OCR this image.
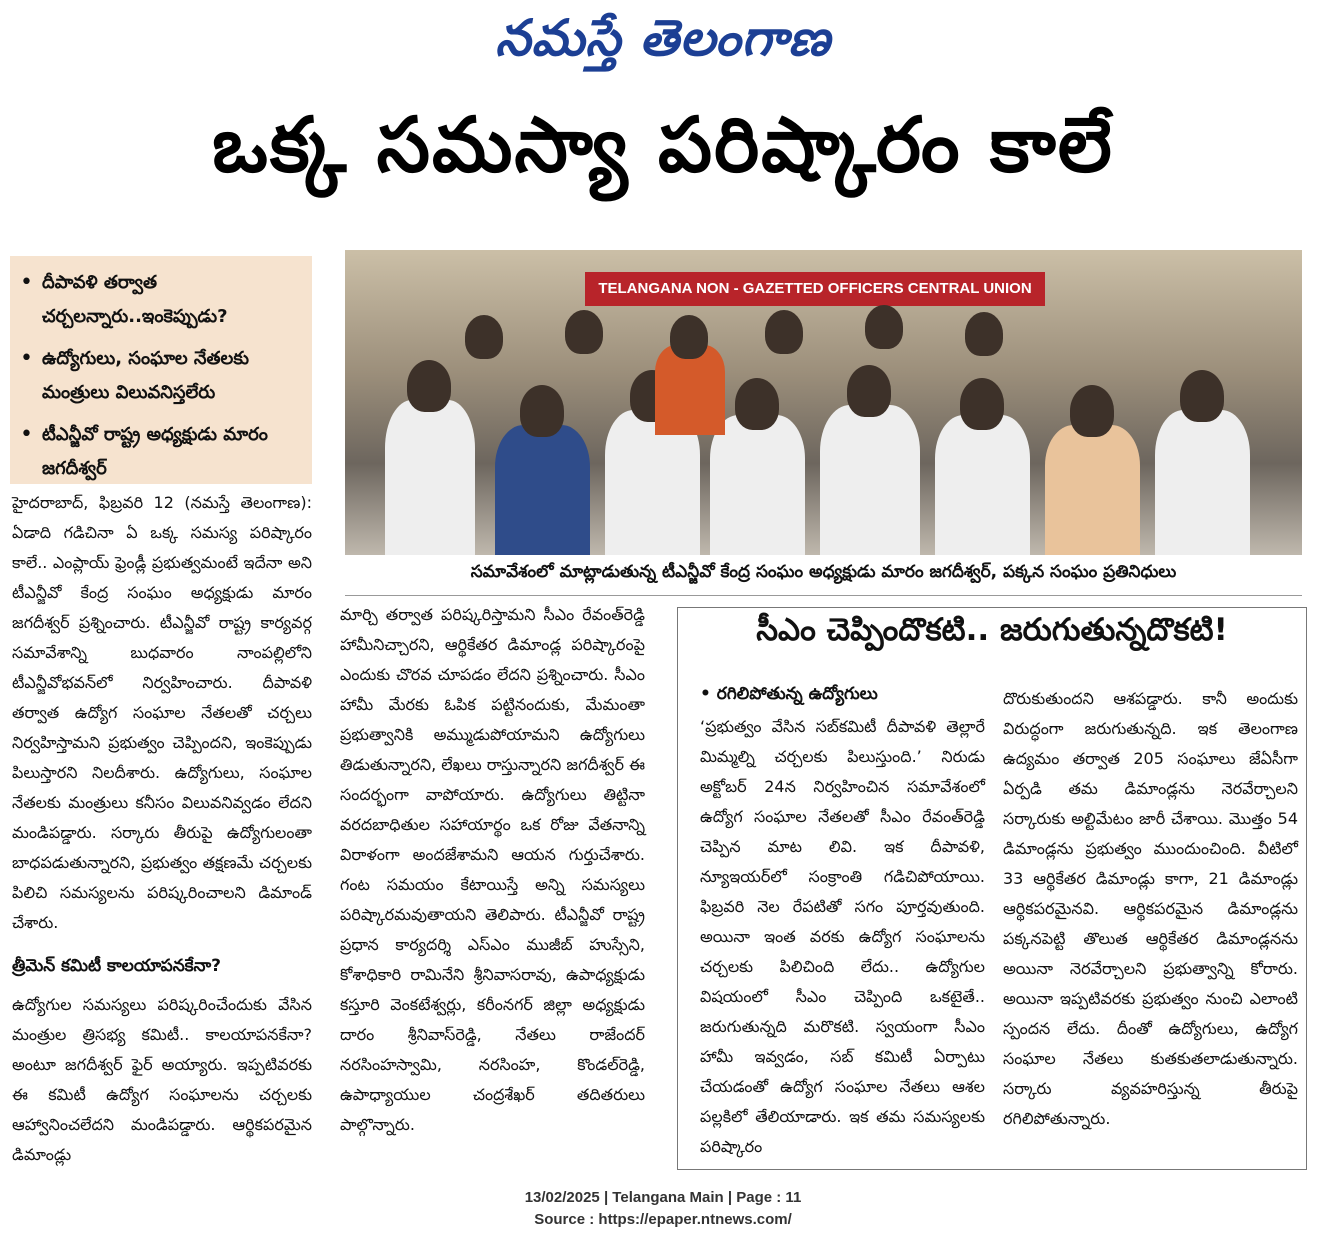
నమస్తే తెలంగాణ
ఒక్క సమస్యా పరిష్కారం కాలే
• దీపావళి తర్వాత చర్చలన్నారు..ఇంకెప్పుడు?
• ఉద్యోగులు, సంఘాల నేతలకు మంత్రులు విలువనిస్తలేరు
• టీఎన్జీవో రాష్ట్ర అధ్యక్షుడు మారం జగదీశ్వర్
TELANGANA NON - GAZETTED OFFICERS CENTRAL UNION
సమావేశంలో మాట్లాడుతున్న టీఎన్జీవో కేంద్ర సంఘం అధ్యక్షుడు మారం జగదీశ్వర్, పక్కన సంఘం ప్రతినిధులు

హైదరాబాద్, ఫిబ్రవరి 12 (నమస్తే తెలంగాణ): ఏడాది గడిచినా ఏ ఒక్క సమస్య పరిష్కారం కాలే.. ఎంప్లాయ్ ఫ్రెండ్లీ ప్రభుత్వమంటే ఇదేనా అని టీఎన్జీవో కేంద్ర సంఘం అధ్యక్షుడు మారం జగదీశ్వర్ ప్రశ్నించారు. టీఎన్జీవో రాష్ట్ర కార్యవర్గ సమావేశాన్ని బుధవారం నాంపల్లిలోని టీఎన్జీవోభవన్‌లో నిర్వహించారు. దీపావళి తర్వాత ఉద్యోగ సంఘాల నేతలతో చర్చలు నిర్వహిస్తామని ప్రభుత్వం చెప్పిందని, ఇంకెప్పుడు పిలుస్తారని నిలదీశారు. ఉద్యోగులు, సంఘాల నేతలకు మంత్రులు కనీసం విలువనివ్వడం లేదని మండిపడ్డారు. సర్కారు తీరుపై ఉద్యోగులంతా బాధపడుతున్నారని, ప్రభుత్వం తక్షణమే చర్చలకు పిలిచి సమస్యలను పరిష్కరించాలని డిమాండ్ చేశారు.

త్రీమెన్ కమిటీ కాలయాపనకేనా?

ఉద్యోగుల సమస్యలు పరిష్కరించేందుకు వేసిన మంత్రుల త్రిసభ్య కమిటీ.. కాలయాపనకేనా? అంటూ జగదీశ్వర్ ఫైర్ అయ్యారు. ఇప్పటివరకు ఈ కమిటీ ఉద్యోగ సంఘాలను చర్చలకు ఆహ్వానించలేదని మండిపడ్డారు. ఆర్థికపరమైన డిమాండ్లు

మార్చి తర్వాత పరిష్కరిస్తామని సీఎం రేవంత్‌రెడ్డి హామీనిచ్చారని, ఆర్థికేతర డిమాండ్ల పరిష్కారంపై ఎందుకు చొరవ చూపడం లేదని ప్రశ్నించారు. సీఎం హామీ మేరకు ఓపిక పట్టినందుకు, మేమంతా ప్రభుత్వానికి అమ్ముడుపోయామని ఉద్యోగులు తిడుతున్నారని, లేఖలు రాస్తున్నారని జగదీశ్వర్ ఈ సందర్భంగా వాపోయారు. ఉద్యోగులు తిట్టినా వరదబాధితుల సహాయార్థం ఒక రోజు వేతనాన్ని విరాళంగా అందజేశామని ఆయన గుర్తుచేశారు. గంట సమయం కేటాయిస్తే అన్ని సమస్యలు పరిష్కారమవుతాయని తెలిపారు. టీఎన్జీవో రాష్ట్ర ప్రధాన కార్యదర్శి ఎస్ఎం ముజీబ్ హుస్సేని, కోశాధికారి రామినేని శ్రీనివాసరావు, ఉపాధ్యక్షుడు కస్తూరి వెంకటేశ్వర్లు, కరీంనగర్ జిల్లా అధ్యక్షుడు దారం శ్రీనివాస్‌రెడ్డి, నేతలు రాజేందర్ నరసింహస్వామి, నరసింహ, కొండల్‌రెడ్డి, ఉపాధ్యాయుల చంద్రశేఖర్ తదితరులు పాల్గొన్నారు.

సీఎం చెప్పిందొకటి.. జరుగుతున్నదొకటి!
• రగిలిపోతున్న ఉద్యోగులు

‘ప్రభుత్వం వేసిన సబ్‌కమిటీ దీపావళి తెల్లారే మిమ్మల్ని చర్చలకు పిలుస్తుంది.’ నిరుడు అక్టోబర్ 24న నిర్వహించిన సమావేశంలో ఉద్యోగ సంఘాల నేతలతో సీఎం రేవంత్‌రెడ్డి చెప్పిన మాట లివి. ఇక దీపావళి, న్యూఇయర్‌లో సంక్రాంతి గడిచిపోయాయి. ఫిబ్రవరి నెల రేపటితో సగం పూర్తవుతుంది. అయినా ఇంత వరకు ఉద్యోగ సంఘాలను చర్చలకు పిలిచింది లేదు.. ఉద్యోగుల విషయంలో సీఎం చెప్పింది ఒకటైతే.. జరుగుతున్నది మరొకటి. స్వయంగా సీఎం హామీ ఇవ్వడం, సబ్ కమిటీ ఏర్పాటు చేయడంతో ఉద్యోగ సంఘాల నేతలు ఆశల పల్లకిలో తేలియాడారు. ఇక తమ సమస్యలకు పరిష్కారం

దొరుకుతుందని ఆశపడ్డారు. కానీ అందుకు విరుద్ధంగా జరుగుతున్నది. ఇక తెలంగాణ ఉద్యమం తర్వాత 205 సంఘాలు జేఏసీగా ఏర్పడి తమ డిమాండ్లను నెరవేర్చాలని సర్కారుకు అల్టిమేటం జారీ చేశాయి. మొత్తం 54 డిమాండ్లను ప్రభుత్వం ముందుంచింది. వీటిలో 33 ఆర్థికేతర డిమాండ్లు కాగా, 21 డిమాండ్లు ఆర్థికపరమైనవి. ఆర్థికపరమైన డిమాండ్లను పక్కనపెట్టి తొలుత ఆర్థికేతర డిమాండ్లనను అయినా నెరవేర్చాలని ప్రభుత్వాన్ని కోరారు. అయినా ఇప్పటివరకు ప్రభుత్వం నుంచి ఎలాంటి స్పందన లేదు. దీంతో ఉద్యోగులు, ఉద్యోగ సంఘాల నేతలు కుతకుతలాడుతున్నారు. సర్కారు వ్యవహరిస్తున్న తీరుపై రగిలిపోతున్నారు.

13/02/2025 | Telangana Main | Page : 11
Source : https://epaper.ntnews.com/
